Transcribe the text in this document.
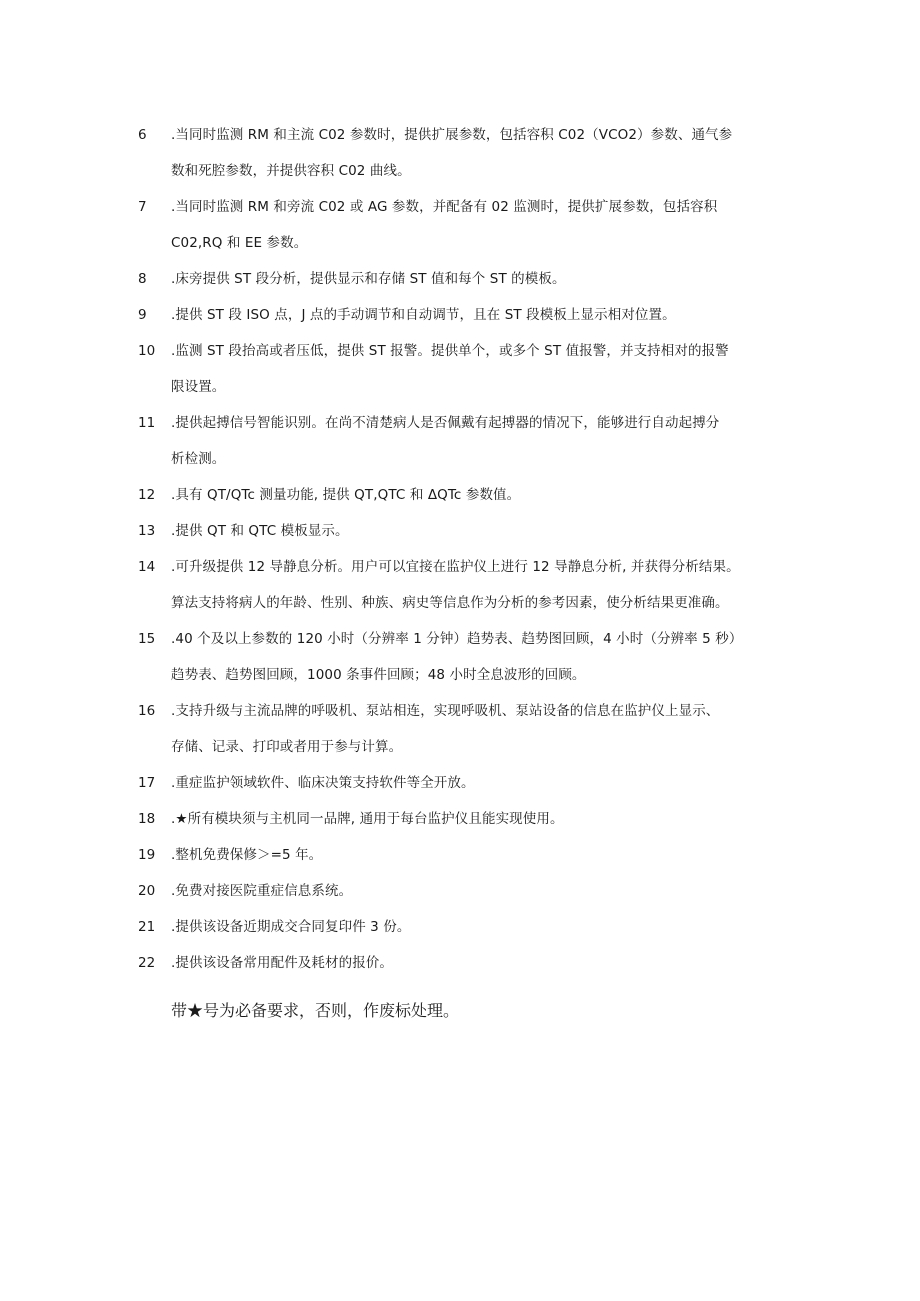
6	.当同时监测 RM 和主流 C02 参数时，提供扩展参数，包括容积 C02（VCO2）参数、通气参
数和死腔参数，并提供容积 C02 曲线。
7	.当同时监测 RM 和旁流 C02 或 AG 参数，并配备有 02 监测时，提供扩展参数，包括容积
C02,RQ 和 EE 参数。
8	.床旁提供 ST 段分析，提供显示和存储 ST 值和每个 ST 的模板。
9	.提供 ST 段 ISO 点，J 点的手动调节和自动调节，且在 ST 段模板上显示相对位置。
10	.监测 ST 段抬高或者压低，提供 ST 报警。提供单个，或多个 ST 值报警，并支持相对的报警
限设置。
11	.提供起搏信号智能识别。在尚不清楚病人是否佩戴有起搏器的情况下，能够进行自动起搏分
析检测。
12	.具有 QT/QTc 测量功能, 提供 QT,QTC 和 ΔQTc 参数值。
13	.提供 QT 和 QTC 模板显示。
14	.可升级提供 12 导静息分析。用户可以宜接在监护仪上进行 12 导静息分析, 并获得分析结果。
算法支持将病人的年龄、性别、种族、病史等信息作为分析的参考因素，使分析结果更准确。
15	.40 个及以上参数的 120 小时（分辨率 1 分钟）趋势表、趋势图回顾，4 小时（分辨率 5 秒）
趋势表、趋势图回顾，1000 条事件回顾；48 小时全息波形的回顾。
16	.支持升级与主流品牌的呼吸机、泵站相连，实现呼吸机、泵站设备的信息在监护仪上显示、
存储、记录、打印或者用于参与计算。
17	.重症监护领域软件、临床决策支持软件等全开放。
18	.★所有模块须与主机同一品牌, 通用于每台监护仪且能实现使用。
19	.整机免费保修＞=5 年。
20	.免费对接医院重症信息系统。
21	.提供该设备近期成交合同复印件 3 份。
22	.提供该设备常用配件及耗材的报价。
带★号为必备要求，否则，作废标处理。
